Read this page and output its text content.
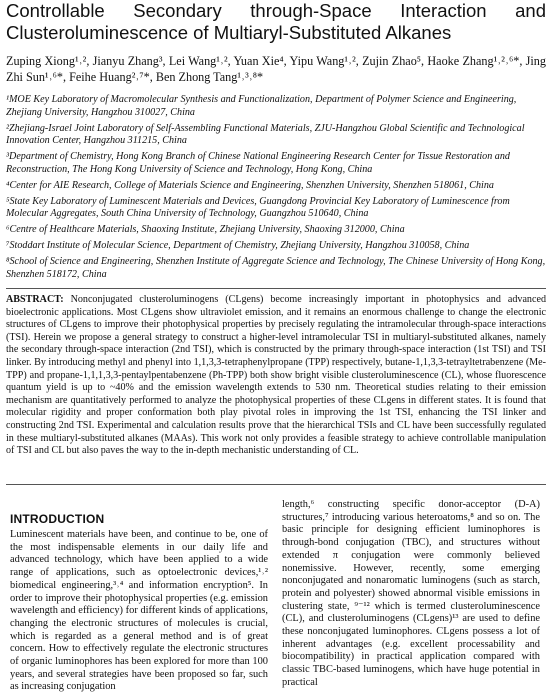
Controllable Secondary through-Space Interaction and Clusteroluminescence of Multiaryl-Substituted Alkanes
Zuping Xiong¹˒², Jianyu Zhang³, Lei Wang¹˒², Yuan Xie⁴, Yipu Wang¹˒², Zujin Zhao⁵, Haoke Zhang¹˒²˒⁶*, Jing Zhi Sun¹˒⁶*, Feihe Huang²˒⁷*, Ben Zhong Tang¹˒³˒⁸*
¹MOE Key Laboratory of Macromolecular Synthesis and Functionalization, Department of Polymer Science and Engineering, Zhejiang University, Hangzhou 310027, China
²Zhejiang-Israel Joint Laboratory of Self-Assembling Functional Materials, ZJU-Hangzhou Global Scientific and Technological Innovation Center, Hangzhou 311215, China
³Department of Chemistry, Hong Kong Branch of Chinese National Engineering Research Center for Tissue Restoration and Reconstruction, The Hong Kong University of Science and Technology, Hong Kong, China
⁴Center for AIE Research, College of Materials Science and Engineering, Shenzhen University, Shenzhen 518061, China
⁵State Key Laboratory of Luminescent Materials and Devices, Guangdong Provincial Key Laboratory of Luminescence from Molecular Aggregates, South China University of Technology, Guangzhou 510640, China
⁶Centre of Healthcare Materials, Shaoxing Institute, Zhejiang University, Shaoxing 312000, China
⁷Stoddart Institute of Molecular Science, Department of Chemistry, Zhejiang University, Hangzhou 310058, China
⁸School of Science and Engineering, Shenzhen Institute of Aggregate Science and Technology, The Chinese University of Hong Kong, Shenzhen 518172, China
ABSTRACT: Nonconjugated clusteroluminogens (CLgens) become increasingly important in photophysics and advanced bioelectronic applications. Most CLgens show ultraviolet emission, and it remains an enormous challenge to change the electronic structures of CLgens to improve their photophysical properties by precisely regulating the intramolecular through-space interactions (TSI). Herein we propose a general strategy to construct a higher-level intramolecular TSI in multiaryl-substituted alkanes, namely the secondary through-space interaction (2nd TSI), which is constructed by the primary through-space interaction (1st TSI) and TSI linker. By introducing methyl and phenyl into 1,1,3,3-tetraphenylpropane (TPP) respectively, butane-1,1,3,3-tetrayltetrabenzene (Me-TPP) and propane-1,1,1,3,3-pentaylpentabenzene (Ph-TPP) both show bright visible clusteroluminescence (CL), whose fluorescence quantum yield is up to ~40% and the emission wavelength extends to 530 nm. Theoretical studies relating to their emission mechanism are quantitatively performed to analyze the photophysical properties of these CLgens in different states. It is found that molecular rigidity and proper conformation both play pivotal roles in improving the 1st TSI, enhancing the TSI linker and constructing 2nd TSI. Experimental and calculation results prove that the hierarchical TSIs and CL have been successfully regulated in these multiaryl-substituted alkanes (MAAs). This work not only provides a feasible strategy to achieve controllable manipulation of TSI and CL but also paves the way to the in-depth mechanistic understanding of CL.
INTRODUCTION
Luminescent materials have been, and continue to be, one of the most indispensable elements in our daily life and advanced technology, which have been applied to a wide range of applications, such as optoelectronic devices,¹˒² biomedical engineering,³˒⁴ and information encryption⁵. In order to improve their photophysical properties (e.g. emission wavelength and efficiency) for different kinds of applications, changing the electronic structures of molecules is crucial, which is regarded as a general method and is of great concern. How to effectively regulate the electronic structures of organic luminophores has been explored for more than 100 years, and several strategies have been proposed so far, such as increasing conjugation
length,⁶ constructing specific donor-acceptor (D-A) structures,⁷ introducing various heteroatoms,⁸ and so on. The basic principle for designing efficient luminophores is through-bond conjugation (TBC), and structures without extended π conjugation were commonly believed nonemissive. However, recently, some emerging nonconjugated and nonaromatic luminogens (such as starch, protein and polyester) showed abnormal visible emissions in clustering state, ⁹⁻¹² which is termed clusteroluminescence (CL), and clusteroluminogens (CLgens)¹³ are used to define these nonconjugated luminophores. CLgens possess a lot of inherent advantages (e.g. excellent processability and biocompatibility) in practical application compared with classic TBC-based luminogens, which have huge potential in practical
